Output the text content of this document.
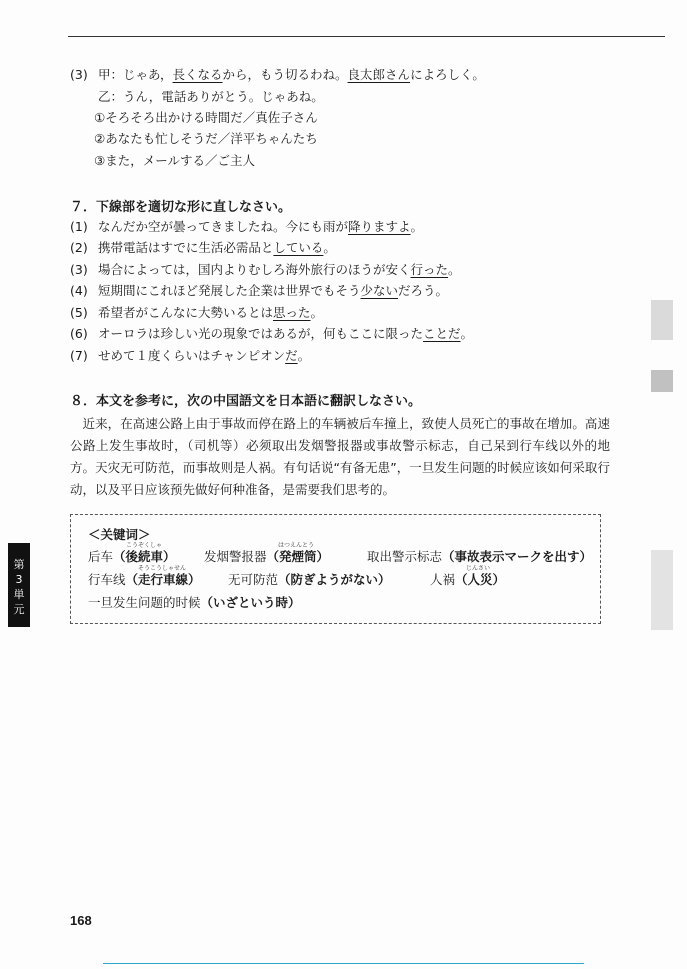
(3) 甲：じゃあ，長くなるから，もう切るわね。良太郎さんによろしく。
乙：うん，電話ありがとう。じゃあね。
①そろそろ出かける時間だ／真佐子さん
②あなたも忙しそうだ／洋平ちゃんたち
③また，メールする／ご主人
７．下線部を適切な形に直しなさい。
(1) なんだか空が曇ってきましたね。今にも雨が降りますよ。
(2) 携帯電話はすでに生活必需品としている。
(3) 場合によっては，国内よりむしろ海外旅行のほうが安く行った。
(4) 短期間にこれほど発展した企業は世界でもそう少ないだろう。
(5) 希望者がこんなに大勢いるとは思った。
(6) オーロラは珍しい光の現象ではあるが，何もここに限ったことだ。
(7) せめて１度くらいはチャンピオンだ。
８．本文を参考に，次の中国語文を日本語に翻訳しなさい。
　近来，在高速公路上由于事故而停在路上的车辆被后车撞上，致使人员死亡的事故在增加。高速公路上发生事故时，（司机等）必须取出发烟警报器或事故警示标志，自己呆到行车线以外的地方。天灾无可防范，而事故则是人祸。有句话说“有备无患”，一旦发生问题的时候应该如何采取行动，以及平日应该预先做好何种准备，是需要我们思考的。
＜关键词＞
こうぞくしゃ
后车（後続車）
はつえんとう
发烟警报器（発煙筒）	取出警示标志（事故表示マークを出す）
そうこうしゃせん
行车线（走行車線） 无可防范（防ぎようがない）
じんさい
人祸（人災）
一旦发生问题的时候（いざという時）
第
3
単
元
168
